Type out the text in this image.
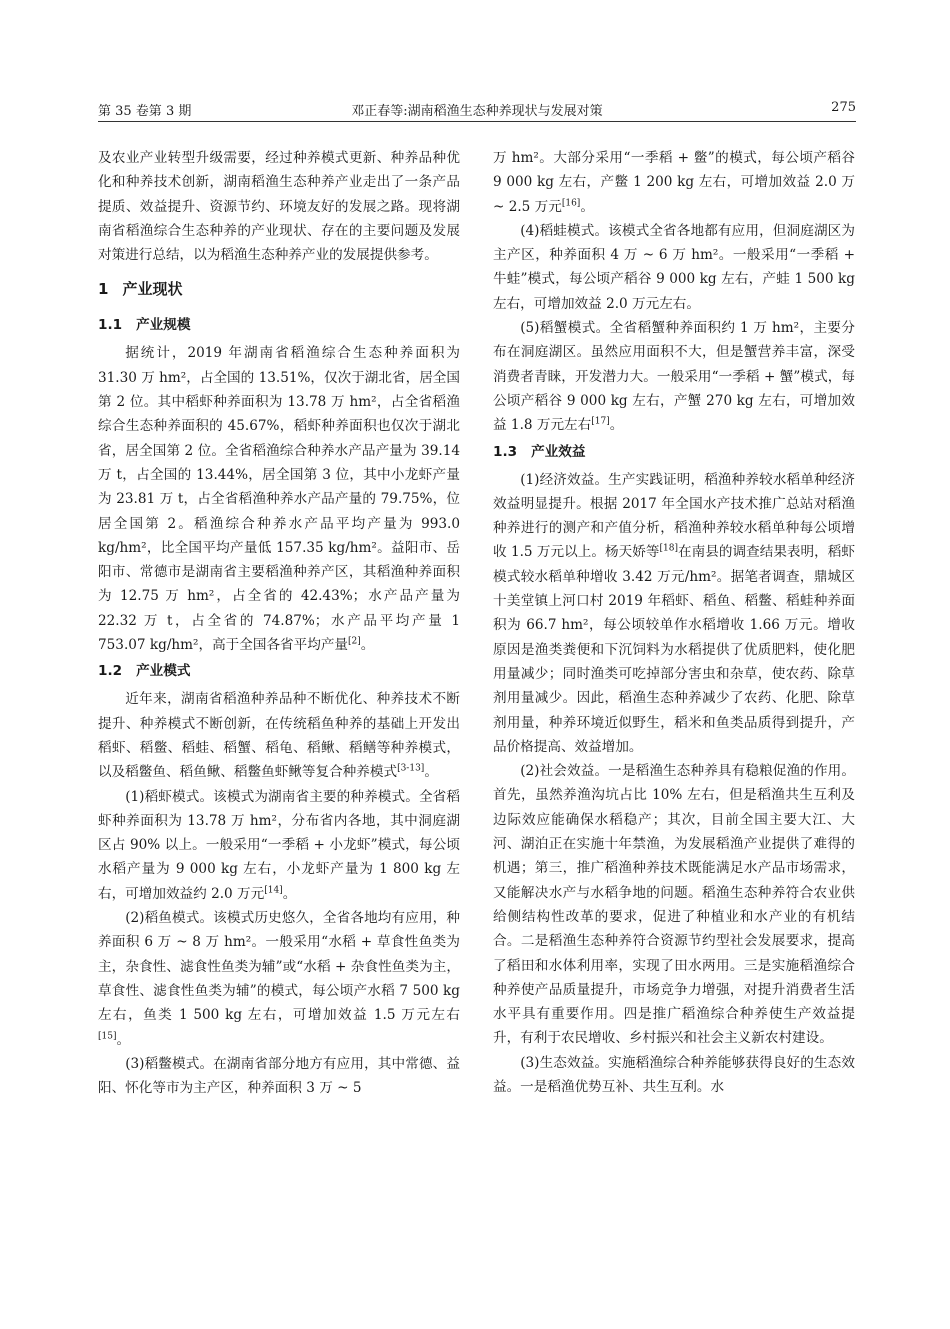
第 35 卷第 3 期	邓正春等:湖南稻渔生态种养现状与发展对策	275

及农业产业转型升级需要，经过种养模式更新、种养品种优化和种养技术创新，湖南稻渔生态种养产业走出了一条产品提质、效益提升、资源节约、环境友好的发展之路。现将湖南省稻渔综合生态种养的产业现状、存在的主要问题及发展对策进行总结，以为稻渔生态种养产业的发展提供参考。

1 产业现状
1.1 产业规模

据统计，2019 年湖南省稻渔综合生态种养面积为 31.30 万 hm²，占全国的 13.51%，仅次于湖北省，居全国第 2 位。其中稻虾种养面积为 13.78 万 hm²，占全省稻渔综合生态种养面积的 45.67%，稻虾种养面积也仅次于湖北省，居全国第 2 位。全省稻渔综合种养水产品产量为 39.14 万 t，占全国的 13.44%，居全国第 3 位，其中小龙虾产量为 23.81 万 t，占全省稻渔种养水产品产量的 79.75%，位居全国第 2。稻渔综合种养水产品平均产量为 993.0 kg/hm²，比全国平均产量低 157.35 kg/hm²。益阳市、岳阳市、常德市是湖南省主要稻渔种养产区，其稻渔种养面积为 12.75 万 hm²，占全省的 42.43%；水产品产量为 22.32 万 t，占全省的 74.87%；水产品平均产量 1 753.07 kg/hm²，高于全国各省平均产量[2]。

1.2 产业模式

近年来，湖南省稻渔种养品种不断优化、种养技术不断提升、种养模式不断创新，在传统稻鱼种养的基础上开发出稻虾、稻鳖、稻蛙、稻蟹、稻龟、稻鳅、稻鳝等种养模式，以及稻鳖鱼、稻鱼鳅、稻鳖鱼虾鳅等复合种养模式[3-13]。

(1)稻虾模式。该模式为湖南省主要的种养模式。全省稻虾种养面积为 13.78 万 hm²，分布省内各地，其中洞庭湖区占 90% 以上。一般采用“一季稻 + 小龙虾”模式，每公顷水稻产量为 9 000 kg 左右，小龙虾产量为 1 800 kg 左右，可增加效益约 2.0 万元[14]。

(2)稻鱼模式。该模式历史悠久，全省各地均有应用，种养面积 6 万 ~ 8 万 hm²。一般采用“水稻 + 草食性鱼类为主，杂食性、滤食性鱼类为辅”或“水稻 + 杂食性鱼类为主，草食性、滤食性鱼类为辅”的模式，每公顷产水稻 7 500 kg 左右，鱼类 1 500 kg 左右，可增加效益 1.5 万元左右[15]。

(3)稻鳖模式。在湖南省部分地方有应用，其中常德、益阳、怀化等市为主产区，种养面积 3 万 ~ 5

万 hm²。大部分采用“一季稻 + 鳖”的模式，每公顷产稻谷 9 000 kg 左右，产鳖 1 200 kg 左右，可增加效益 2.0 万 ~ 2.5 万元[16]。

(4)稻蛙模式。该模式全省各地都有应用，但洞庭湖区为主产区，种养面积 4 万 ~ 6 万 hm²。一般采用“一季稻 + 牛蛙”模式，每公顷产稻谷 9 000 kg 左右，产蛙 1 500 kg 左右，可增加效益 2.0 万元左右。

(5)稻蟹模式。全省稻蟹种养面积约 1 万 hm²，主要分布在洞庭湖区。虽然应用面积不大，但是蟹营养丰富，深受消费者青睐，开发潜力大。一般采用“一季稻 + 蟹”模式，每公顷产稻谷 9 000 kg 左右，产蟹 270 kg 左右，可增加效益 1.8 万元左右[17]。

1.3 产业效益

(1)经济效益。生产实践证明，稻渔种养较水稻单种经济效益明显提升。根据 2017 年全国水产技术推广总站对稻渔种养进行的测产和产值分析，稻渔种养较水稻单种每公顷增收 1.5 万元以上。杨天娇等[18]在南县的调查结果表明，稻虾模式较水稻单种增收 3.42 万元/hm²。据笔者调查，鼎城区十美堂镇上河口村 2019 年稻虾、稻鱼、稻鳖、稻蛙种养面积为 66.7 hm²，每公顷较单作水稻增收 1.66 万元。增收原因是渔类粪便和下沉饲料为水稻提供了优质肥料，使化肥用量减少；同时渔类可吃掉部分害虫和杂草，使农药、除草剂用量减少。因此，稻渔生态种养减少了农药、化肥、除草剂用量，种养环境近似野生，稻米和鱼类品质得到提升，产品价格提高、效益增加。

(2)社会效益。一是稻渔生态种养具有稳粮促渔的作用。首先，虽然养渔沟坑占比 10% 左右，但是稻渔共生互利及边际效应能确保水稻稳产；其次，目前全国主要大江、大河、湖泊正在实施十年禁渔，为发展稻渔产业提供了难得的机遇；第三，推广稻渔种养技术既能满足水产品市场需求，又能解决水产与水稻争地的问题。稻渔生态种养符合农业供给侧结构性改革的要求，促进了种植业和水产业的有机结合。二是稻渔生态种养符合资源节约型社会发展要求，提高了稻田和水体利用率，实现了田水两用。三是实施稻渔综合种养使产品质量提升，市场竞争力增强，对提升消费者生活水平具有重要作用。四是推广稻渔综合种养使生产效益提升，有利于农民增收、乡村振兴和社会主义新农村建设。

(3)生态效益。实施稻渔综合种养能够获得良好的生态效益。一是稻渔优势互补、共生互利。水
